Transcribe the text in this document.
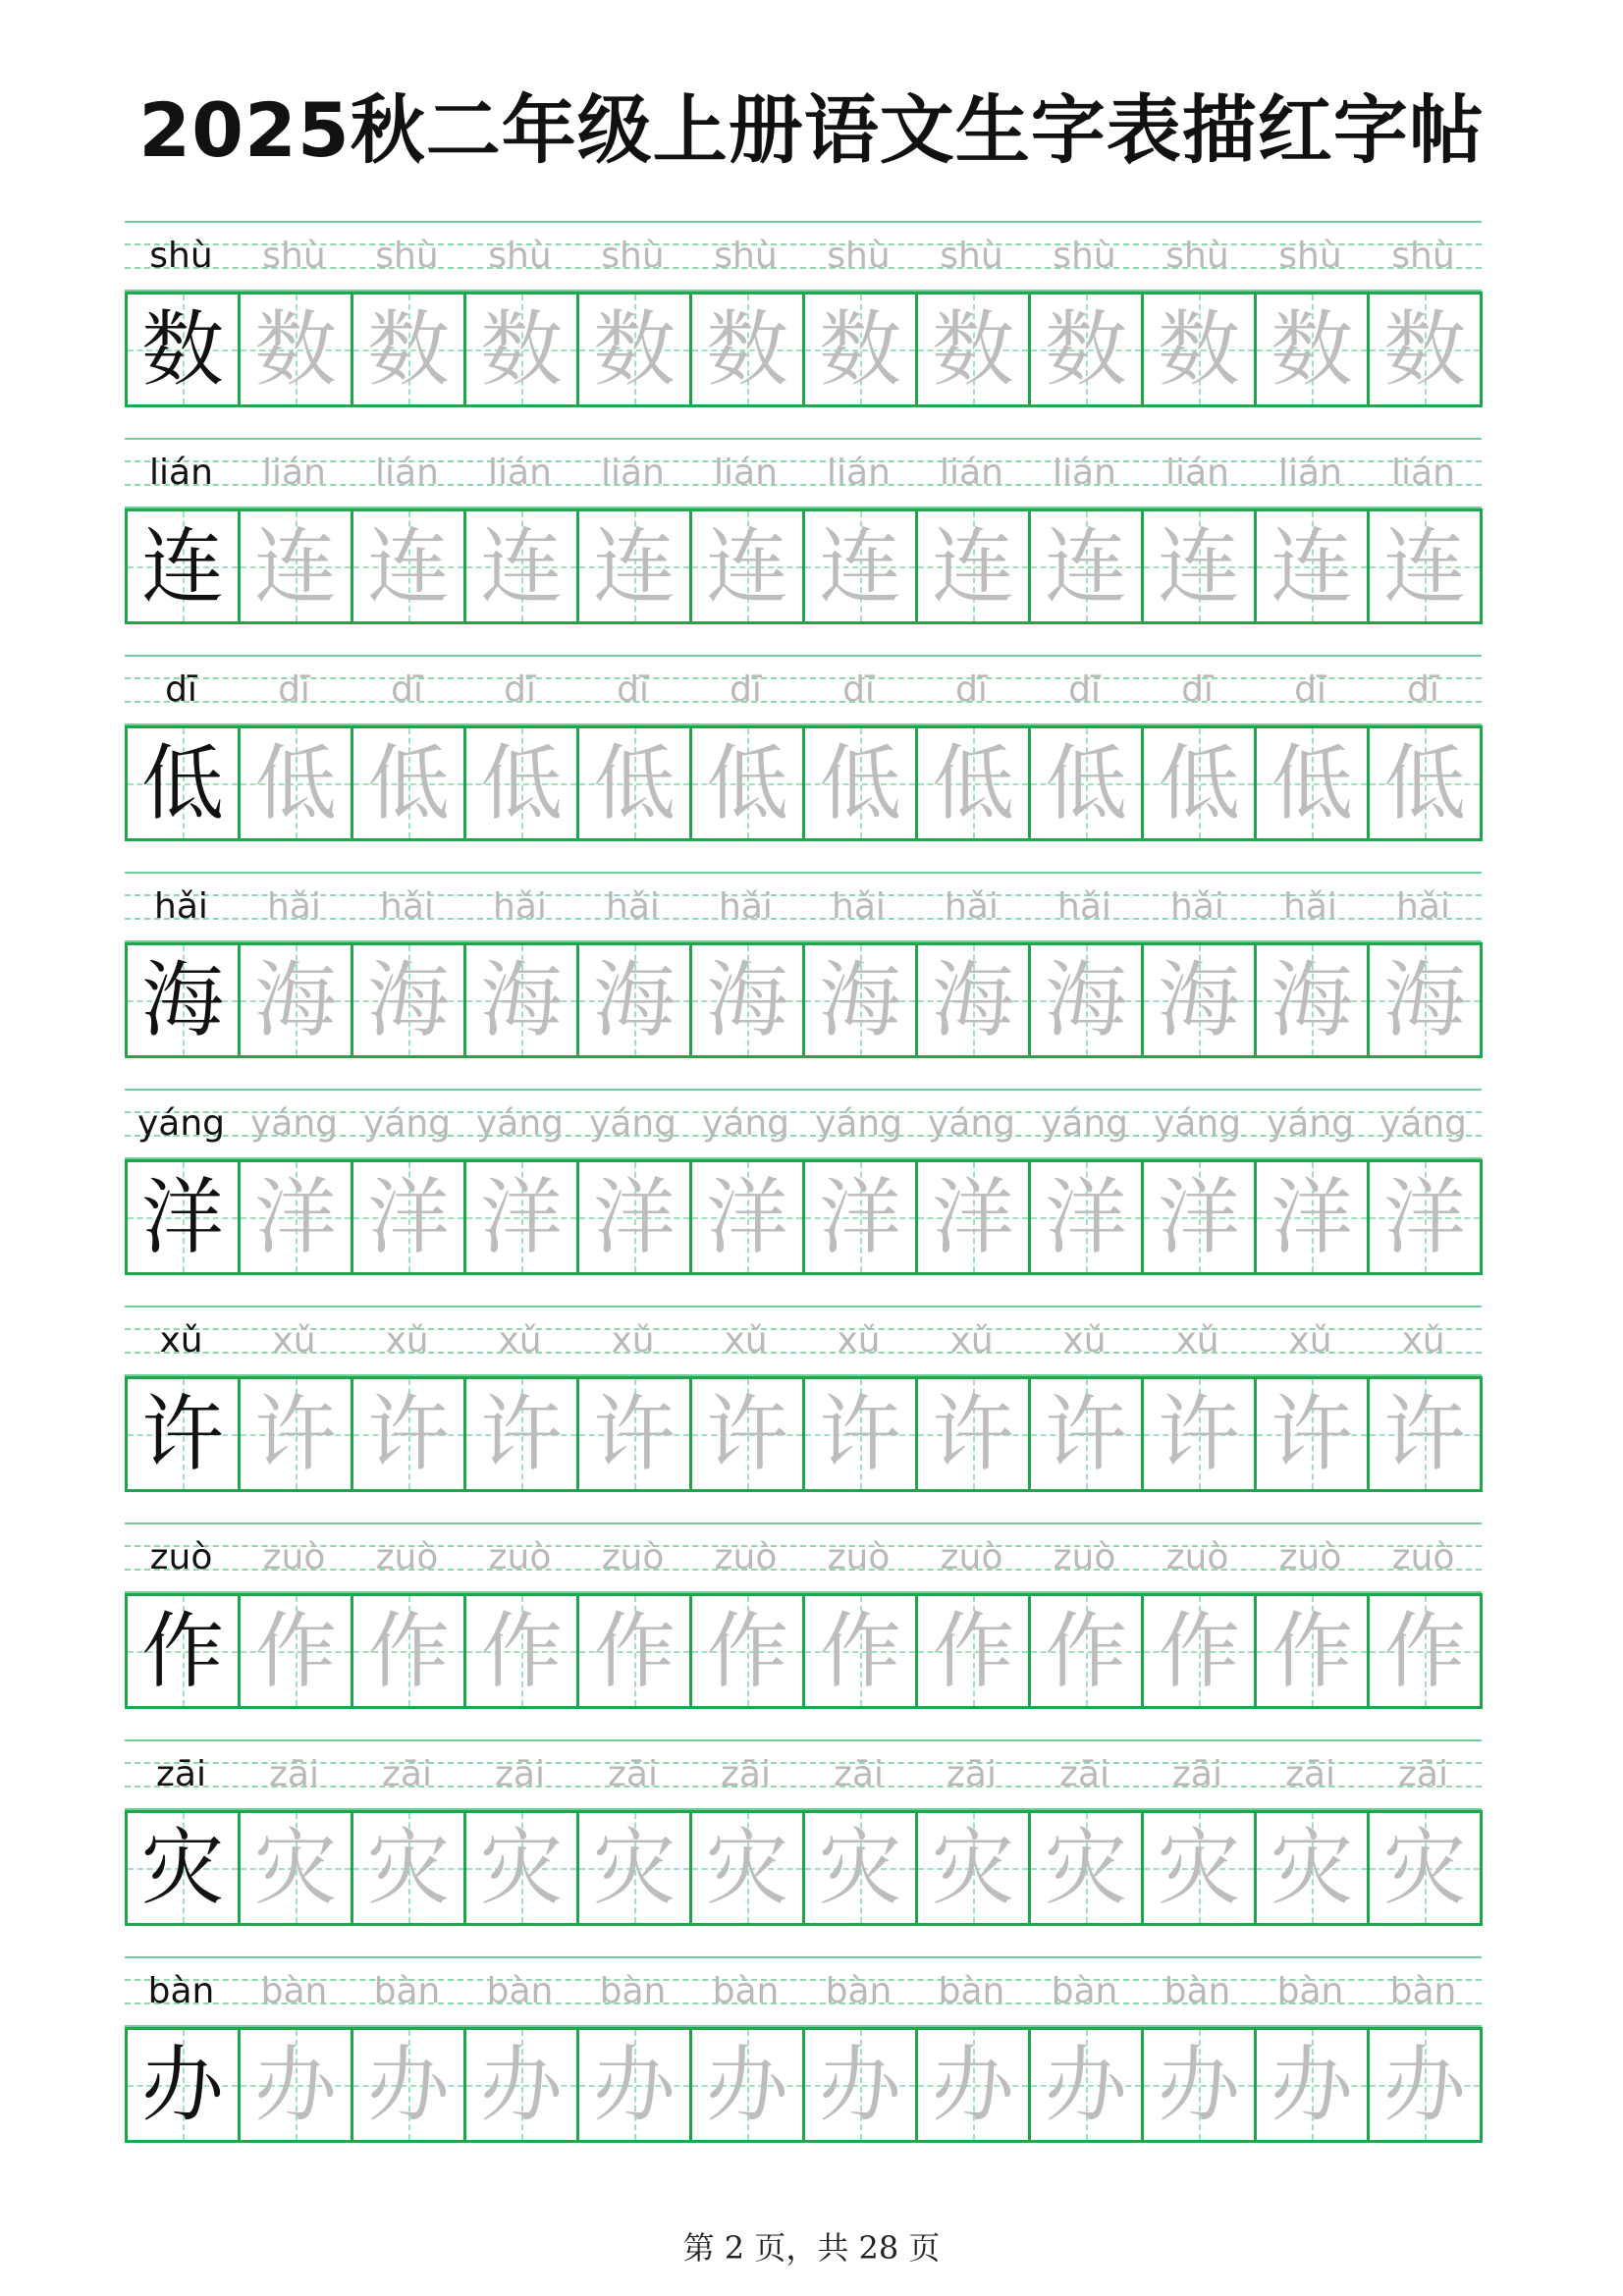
2025秋二年级上册语文生字表描红字帖
shù	shù	shù	shù	shù	shù	shù	shù	shù	shù	shù	shù
数 数 数 数 数 数 数 数 数 数 数 数
lián	lián	lián	lián	lián	lián	lián	lián	lián	lián	lián	lián
连 连 连 连 连 连 连 连 连 连 连 连
dī	dī	dī	dī	dī	dī	dī	dī	dī	dī	dī	dī
低 低 低 低 低 低 低 低 低 低 低 低
hǎi	hǎi	hǎi	hǎi	hǎi	hǎi	hǎi	hǎi	hǎi	hǎi	hǎi	hǎi
海 海 海 海 海 海 海 海 海 海 海 海
yáng yáng yáng yáng yáng yáng yáng yáng yáng yáng yáng yáng
洋 洋 洋 洋 洋 洋 洋 洋 洋 洋 洋 洋
xǔ	xǔ	xǔ	xǔ	xǔ	xǔ	xǔ	xǔ	xǔ	xǔ	xǔ	xǔ
许 许 许 许 许 许 许 许 许 许 许 许
zuò	zuò	zuò	zuò	zuò	zuò	zuò	zuò	zuò	zuò	zuò	zuò
作 作 作 作 作 作 作 作 作 作 作 作
zāi	zāi	zāi	zāi	zāi	zāi	zāi	zāi	zāi	zāi	zāi	zāi
灾 灾 灾 灾 灾 灾 灾 灾 灾 灾 灾 灾
bàn	bàn	bàn	bàn	bàn	bàn	bàn	bàn	bàn	bàn	bàn	bàn
办 办 办 办 办 办 办 办 办 办 办 办
第 2 页，共 28 页
